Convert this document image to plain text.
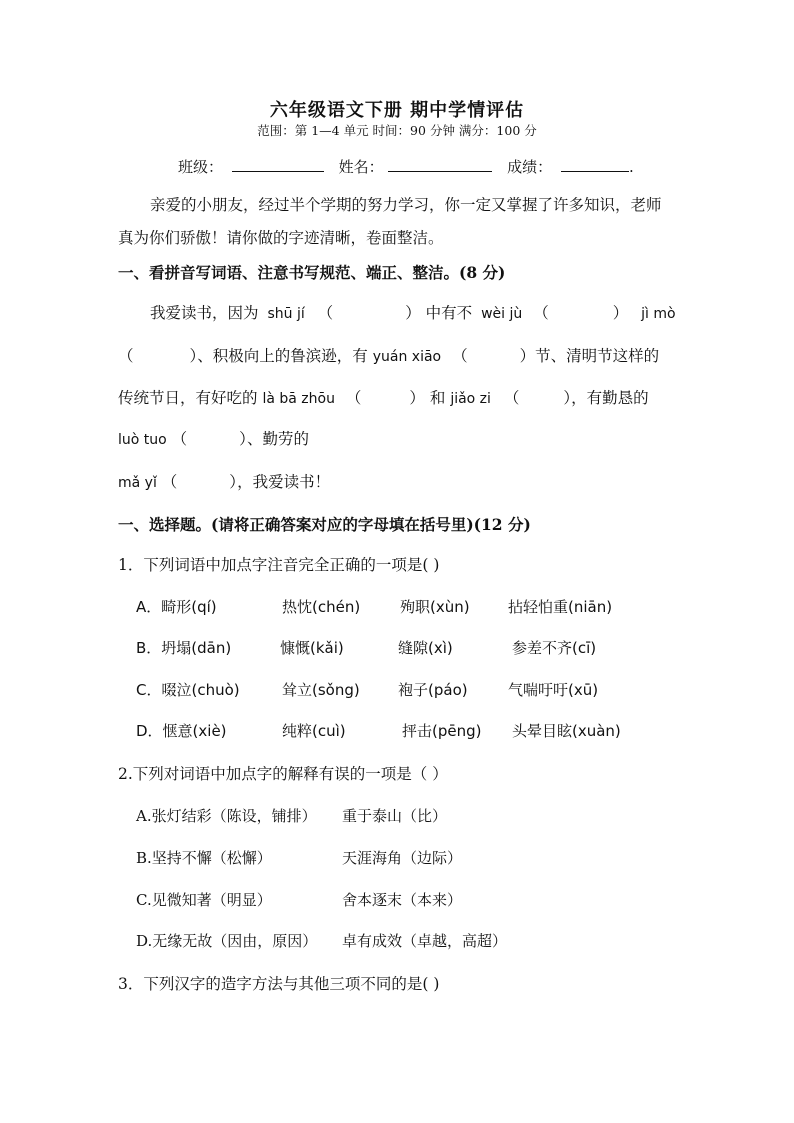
六年级语文下册 期中学情评估
范围：第 1—4 单元 时间：90 分钟 满分：100 分
班级：	姓名：	成绩：	.
亲爱的小朋友，经过半个学期的努力学习，你一定又掌握了许多知识，老师
真为你们骄傲！请你做的字迹清晰，卷面整洁。
一、看拼音写词语、注意书写规范、端正、整洁。(8 分)
我爱读书，因为 shū jí （	） 中有不 wèi jù （	） jì mò
（	）、积极向上的鲁滨逊，有 yuán xiāo （	）节、清明节这样的
传统节日，有好吃的 là bā zhōu （	） 和 jiǎo zi （	），有勤恳的
luò tuo （	）、勤劳的
mǎ yǐ （	），我爱读书！
一、选择题。(请将正确答案对应的字母填在括号里)(12 分)
1．下列词语中加点字注音完全正确的一项是( )
A．畸形(qí)	热忱(chén)	殉职(xùn)	拈轻怕重(niān)
B．坍塌(dān)	慷慨(kǎi)	缝隙(xì)	参差不齐(cī)
C．啜泣(chuò)	耸立(sǒng)	袍子(páo)	气喘吁吁(xū)
D．惬意(xiè)	纯粹(cuì)	抨击(pēng) 头晕目眩(xuàn)
2.下列对词语中加点字的解释有误的一项是（ ）
A.张灯结彩（陈设，铺排） 重于泰山（比）
B.坚持不懈（松懈）	天涯海角（边际）
C.见微知著（明显）	舍本逐末（本来）
D.无缘无故（因由，原因） 卓有成效（卓越，高超）
3．下列汉字的造字方法与其他三项不同的是( )
